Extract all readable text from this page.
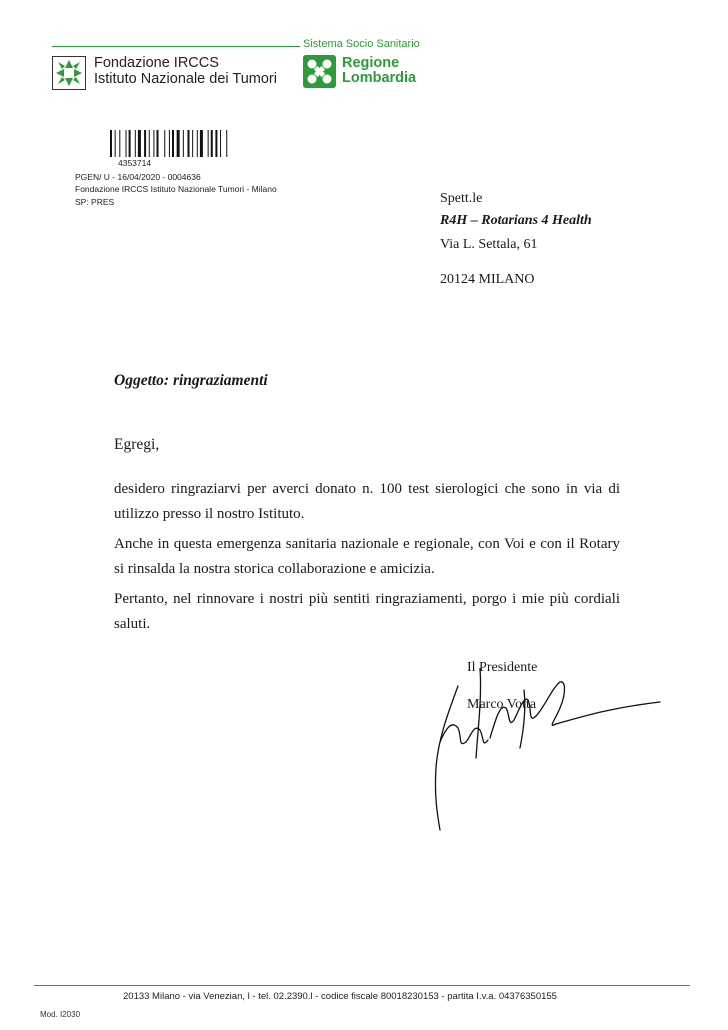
Sistema Socio Sanitario
Fondazione IRCCS
Istituto Nazionale dei Tumori
Regione
Lombardia
4353714
PGEN/ U - 16/04/2020 - 0004636
Fondazione IRCCS Istituto Nazionale Tumori - Milano
SP: PRES	Spett.le
R4H – Rotarians 4 Health
Via L. Settala, 61
20124 MILANO
Oggetto: ringraziamenti
Egregi,
desidero ringraziarvi per averci donato n. 100 test sierologici che sono in via di utilizzo presso il nostro Istituto.
Anche in questa emergenza sanitaria nazionale e regionale, con Voi e con il Rotary si rinsalda la nostra storica collaborazione e amicizia.
Pertanto, nel rinnovare i nostri più sentiti ringraziamenti, porgo i mie più cordiali saluti.
Il Presidente
Marco Votta
20133 Milano - via Venezian, l - tel. 02.2390.l - codice fiscale 80018230153 - partita I.v.a. 04376350155
Mod. I2030
